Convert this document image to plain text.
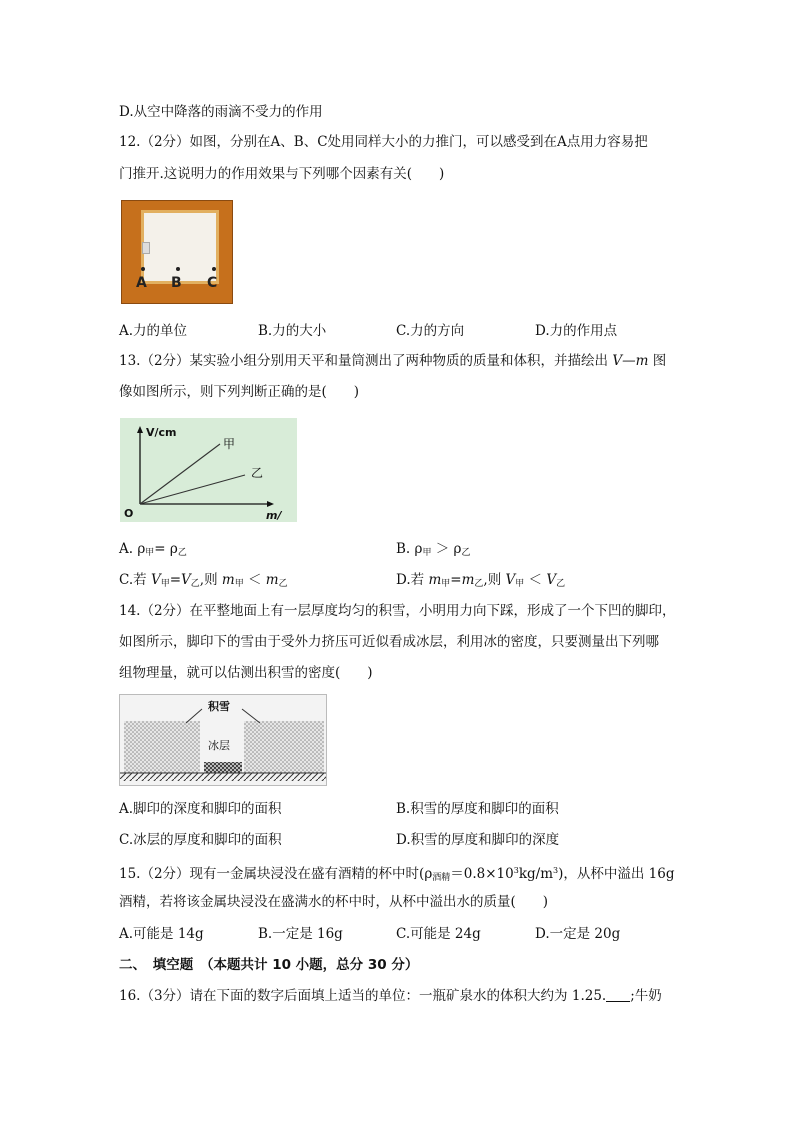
D.从空中降落的雨滴不受力的作用
12.（2分）如图，分别在A、B、C处用同样大小的力推门，可以感受到在A点用力容易把
门推开.这说明力的作用效果与下列哪个因素有关(　　)
A B C
A.力的单位	B.力的大小	C.力的方向	D.力的作用点
13.（2分）某实验小组分别用天平和量筒测出了两种物质的质量和体积，并描绘出 V—m 图
像如图所示，则下列判断正确的是(　　)
V/cm
m/
O
甲
乙
A. $\rho_甲= \rho_乙$	B. $\rho_甲 > \rho_乙$
C.若 $V_甲=V_乙$,则 $m_甲 < m_乙$	D.若 $m_甲=m_乙$,则 $V_甲 < V_乙$
14.（2分）在平整地面上有一层厚度均匀的积雪，小明用力向下踩，形成了一个下凹的脚印，
如图所示，脚印下的雪由于受外力挤压可近似看成冰层，利用冰的密度，只要测量出下列哪
组物理量，就可以估测出积雪的密度(　　)
积雪
冰层
A.脚印的深度和脚印的面积	B.积雪的厚度和脚印的面积
C.冰层的厚度和脚印的面积	D.积雪的厚度和脚印的深度
15.（2分）现有一金属块浸没在盛有酒精的杯中时$(\rho_{酒精}=0.8\times 10^3kg/m^3)$，从杯中溢出 16g
酒精，若将该金属块浸没在盛满水的杯中时，从杯中溢出水的质量(　　)
A.可能是 14g	B.一定是 16g	C.可能是 24g	D.一定是 20g
二、　填空题　（本题共计 10 小题，总分 30 分）
16.（3分）请在下面的数字后面填上适当的单位：一瓶矿泉水的体积大约为 1.25. ;牛奶
